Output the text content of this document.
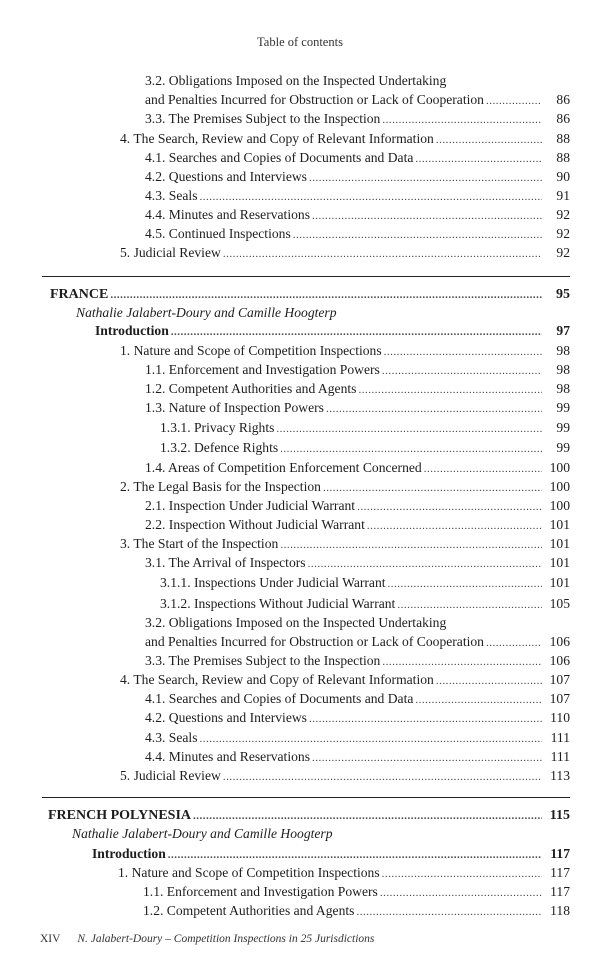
Table of contents
3.2. Obligations Imposed on the Inspected Undertaking
and Penalties Incurred for Obstruction or Lack of Cooperation .....	86
3.3. The Premises Subject to the Inspection .....	86
4. The Search, Review and Copy of Relevant Information .....	88
4.1. Searches and Copies of Documents and Data .....	88
4.2. Questions and Interviews .....	90
4.3. Seals .....	91
4.4. Minutes and Reservations .....	92
4.5. Continued Inspections .....	92
5. Judicial Review .....	92
FRANCE .....	95
Nathalie Jalabert-Doury and Camille Hoogterp
Introduction .....	97
1. Nature and Scope of Competition Inspections .....	98
1.1. Enforcement and Investigation Powers .....	98
1.2. Competent Authorities and Agents .....	98
1.3. Nature of Inspection Powers .....	99
1.3.1. Privacy Rights .....	99
1.3.2. Defence Rights .....	99
1.4. Areas of Competition Enforcement Concerned .....	100
2. The Legal Basis for the Inspection .....	100
2.1. Inspection Under Judicial Warrant .....	100
2.2. Inspection Without Judicial Warrant .....	101
3. The Start of the Inspection .....	101
3.1. The Arrival of Inspectors .....	101
3.1.1. Inspections Under Judicial Warrant .....	101
3.1.2. Inspections Without Judicial Warrant .....	105
3.2. Obligations Imposed on the Inspected Undertaking
and Penalties Incurred for Obstruction or Lack of Cooperation .....	106
3.3. The Premises Subject to the Inspection .....	106
4. The Search, Review and Copy of Relevant Information .....	107
4.1. Searches and Copies of Documents and Data .....	107
4.2. Questions and Interviews .....	110
4.3. Seals .....	111
4.4. Minutes and Reservations .....	111
5. Judicial Review .....	113
FRENCH POLYNESIA .....	115
Nathalie Jalabert-Doury and Camille Hoogterp
Introduction .....	117
1. Nature and Scope of Competition Inspections .....	117
1.1. Enforcement and Investigation Powers .....	117
1.2. Competent Authorities and Agents .....	118
XIV N. Jalabert-Doury – Competition Inspections in 25 Jurisdictions
